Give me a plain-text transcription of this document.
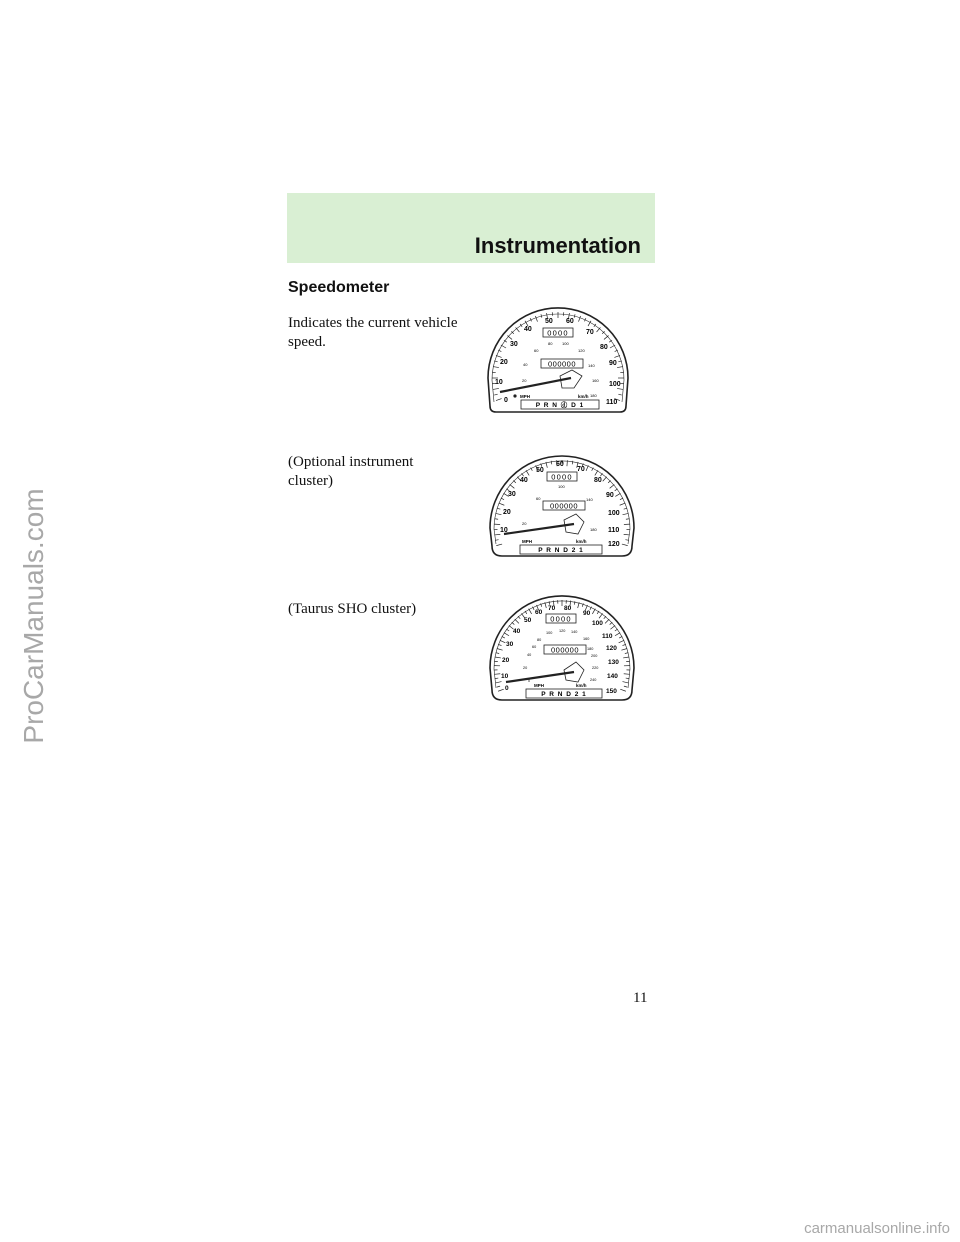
Instrumentation
Speedometer
Indicates the current vehicle speed.
(Optional instrument cluster)
(Taurus SHO cluster)
0
10
20
30
40
50 60
70
80
90
100
110
20
40
60
80 100
120
140
160
180
0000
000000
MPH	km/h
P R N ⓓ D 1
10
20
30
40
50
60
70
80
90
100
110
120
20
60
100
140
180
0000
000000
MPH	km/h
P R N D 2 1
0
10
20
30
40
50
60
70 80
90
100
110
120
130
140
150
0
20
40
60
80
100 120 140
160
180
200
220
240
0000
000000
MPH	km/h
P R N D 2 1
11
ProCarManuals.com
carmanualsonline.info
